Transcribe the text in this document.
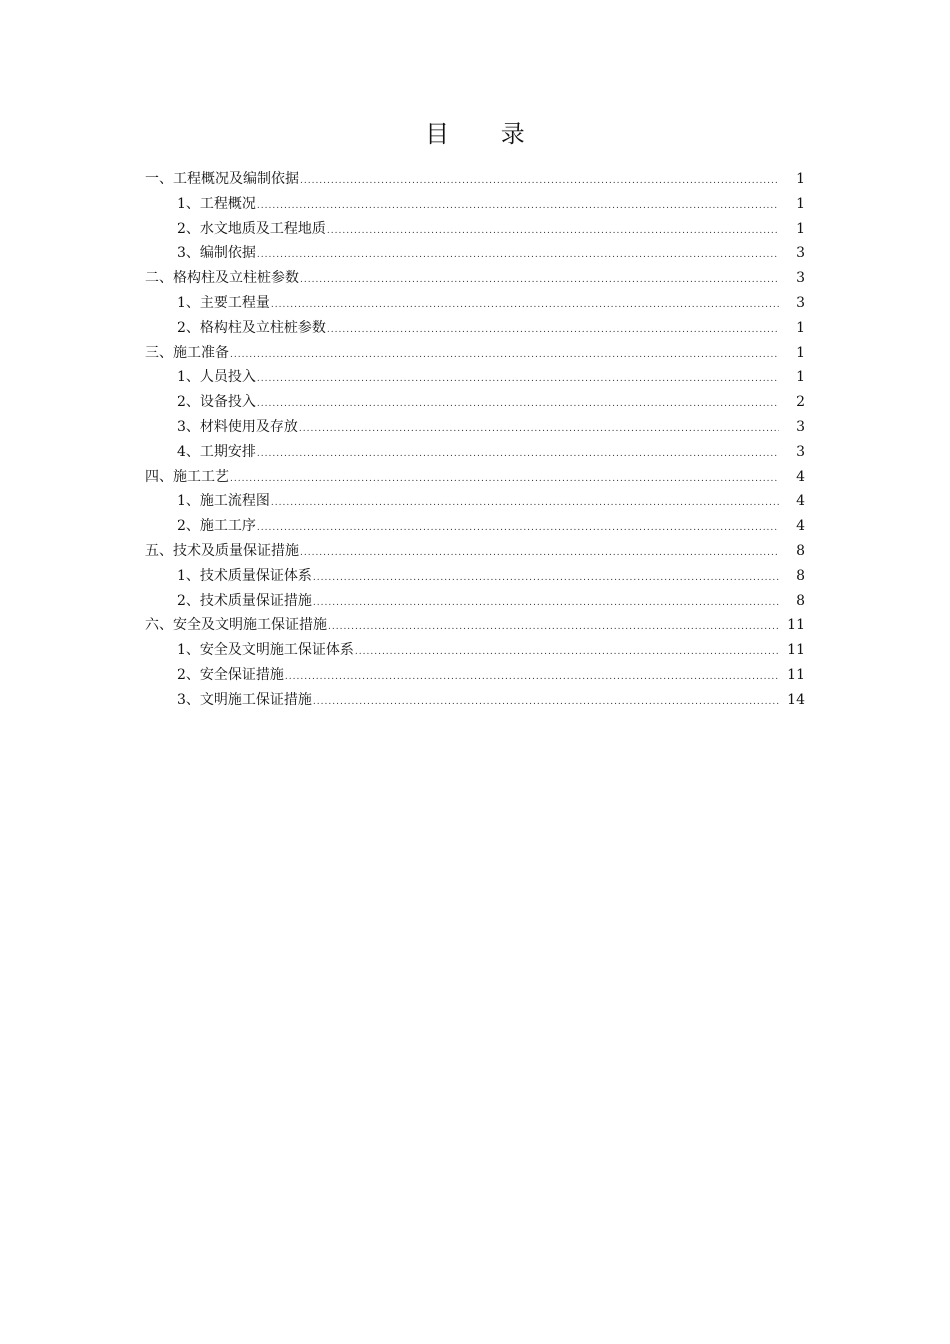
目 录
一、工程概况及编制依据 .....	1
1、工程概况 .....	1
2、水文地质及工程地质 .....	1
3、编制依据 .....	3
二、格构柱及立柱桩参数 .....	3
1、主要工程量 .....	3
2、格构柱及立柱桩参数 .....	1
三、施工准备 .....	1
1、人员投入 .....	1
2、设备投入 .....	2
3、材料使用及存放 .....	3
4、工期安排 .....	3
四、施工工艺 .....	4
1、施工流程图 .....	4
2、施工工序 .....	4
五、技术及质量保证措施 .....	8
1、技术质量保证体系 .....	8
2、技术质量保证措施 .....	8
六、安全及文明施工保证措施 .....	11
1、安全及文明施工保证体系 .....	11
2、安全保证措施 .....	11
3、文明施工保证措施 .....	14
